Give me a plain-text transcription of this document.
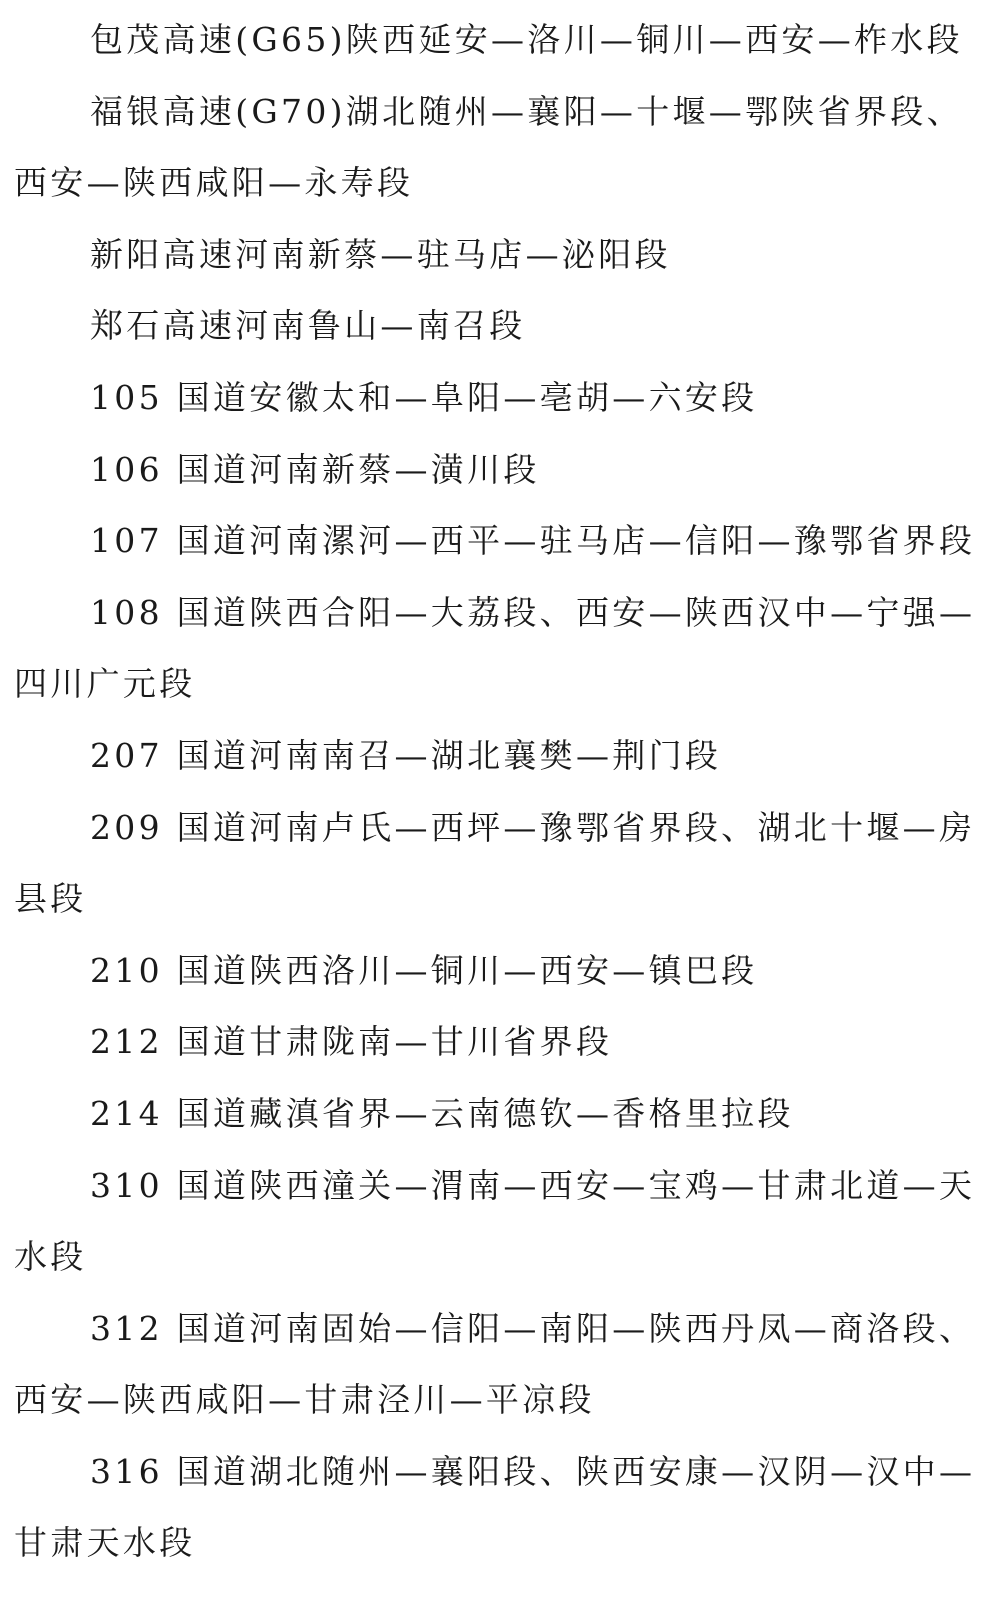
包茂高速(G65)陕西延安—洛川—铜川—西安—柞水段
福银高速(G70)湖北随州—襄阳—十堰—鄂陕省界段、
西安—陕西咸阳—永寿段
新阳高速河南新蔡—驻马店—泌阳段
郑石高速河南鲁山—南召段
105 国道安徽太和—阜阳—亳胡—六安段
106 国道河南新蔡—潢川段
107 国道河南漯河—西平—驻马店—信阳—豫鄂省界段
108 国道陕西合阳—大荔段、西安—陕西汉中—宁强—
四川广元段
207 国道河南南召—湖北襄樊—荆门段
209 国道河南卢氏—西坪—豫鄂省界段、湖北十堰—房
县段
210 国道陕西洛川—铜川—西安—镇巴段
212 国道甘肃陇南—甘川省界段
214 国道藏滇省界—云南德钦—香格里拉段
310 国道陕西潼关—渭南—西安—宝鸡—甘肃北道—天
水段
312 国道河南固始—信阳—南阳—陕西丹凤—商洛段、
西安—陕西咸阳—甘肃泾川—平凉段
316 国道湖北随州—襄阳段、陕西安康—汉阴—汉中—
甘肃天水段
